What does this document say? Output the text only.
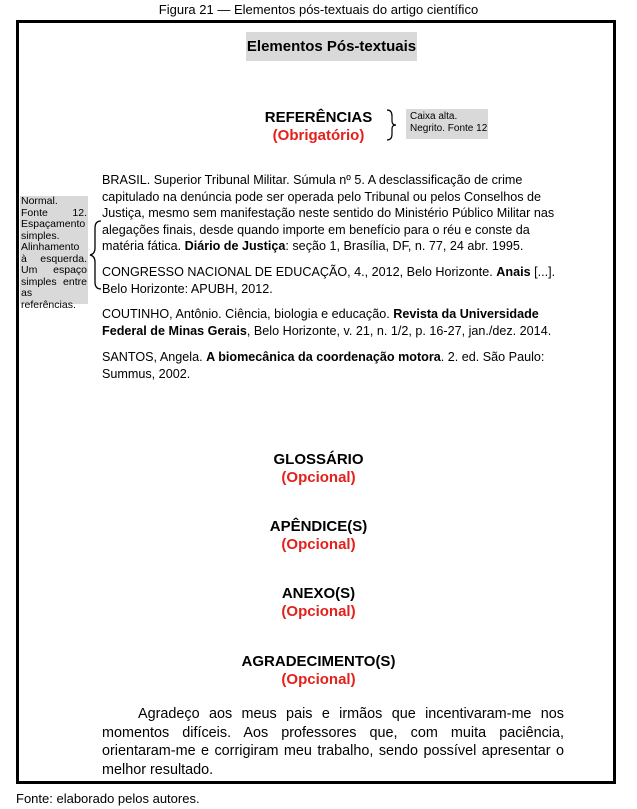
Figura 21 — Elementos pós-textuais do artigo científico
Elementos Pós-textuais
REFERÊNCIAS
(Obrigatório)
Caixa alta.
Negrito. Fonte 12
Normal. Fonte 12. Espaçamento simples. Alinhamento à esquerda. Um espaço simples entre as referências.
BRASIL. Superior Tribunal Militar. Súmula nº 5. A desclassificação de crime capitulado na denúncia pode ser operada pelo Tribunal ou pelos Conselhos de Justiça, mesmo sem manifestação neste sentido do Ministério Público Militar nas alegações finais, desde quando importe em benefício para o réu e conste da matéria fática. Diário de Justiça: seção 1, Brasília, DF, n. 77, 24 abr. 1995.
CONGRESSO NACIONAL DE EDUCAÇÃO, 4., 2012, Belo Horizonte. Anais [...]. Belo Horizonte: APUBH, 2012.
COUTINHO, Antônio. Ciência, biologia e educação. Revista da Universidade Federal de Minas Gerais, Belo Horizonte, v. 21, n. 1/2, p. 16-27, jan./dez. 2014.
SANTOS, Angela. A biomecânica da coordenação motora. 2. ed. São Paulo: Summus, 2002.
GLOSSÁRIO
(Opcional)
APÊNDICE(S)
(Opcional)
ANEXO(S)
(Opcional)
AGRADECIMENTO(S)
(Opcional)
Agradeço aos meus pais e irmãos que incentivaram-me nos momentos difíceis. Aos professores que, com muita paciência, orientaram-me e corrigiram meu trabalho, sendo possível apresentar o melhor resultado.
Fonte: elaborado pelos autores.
